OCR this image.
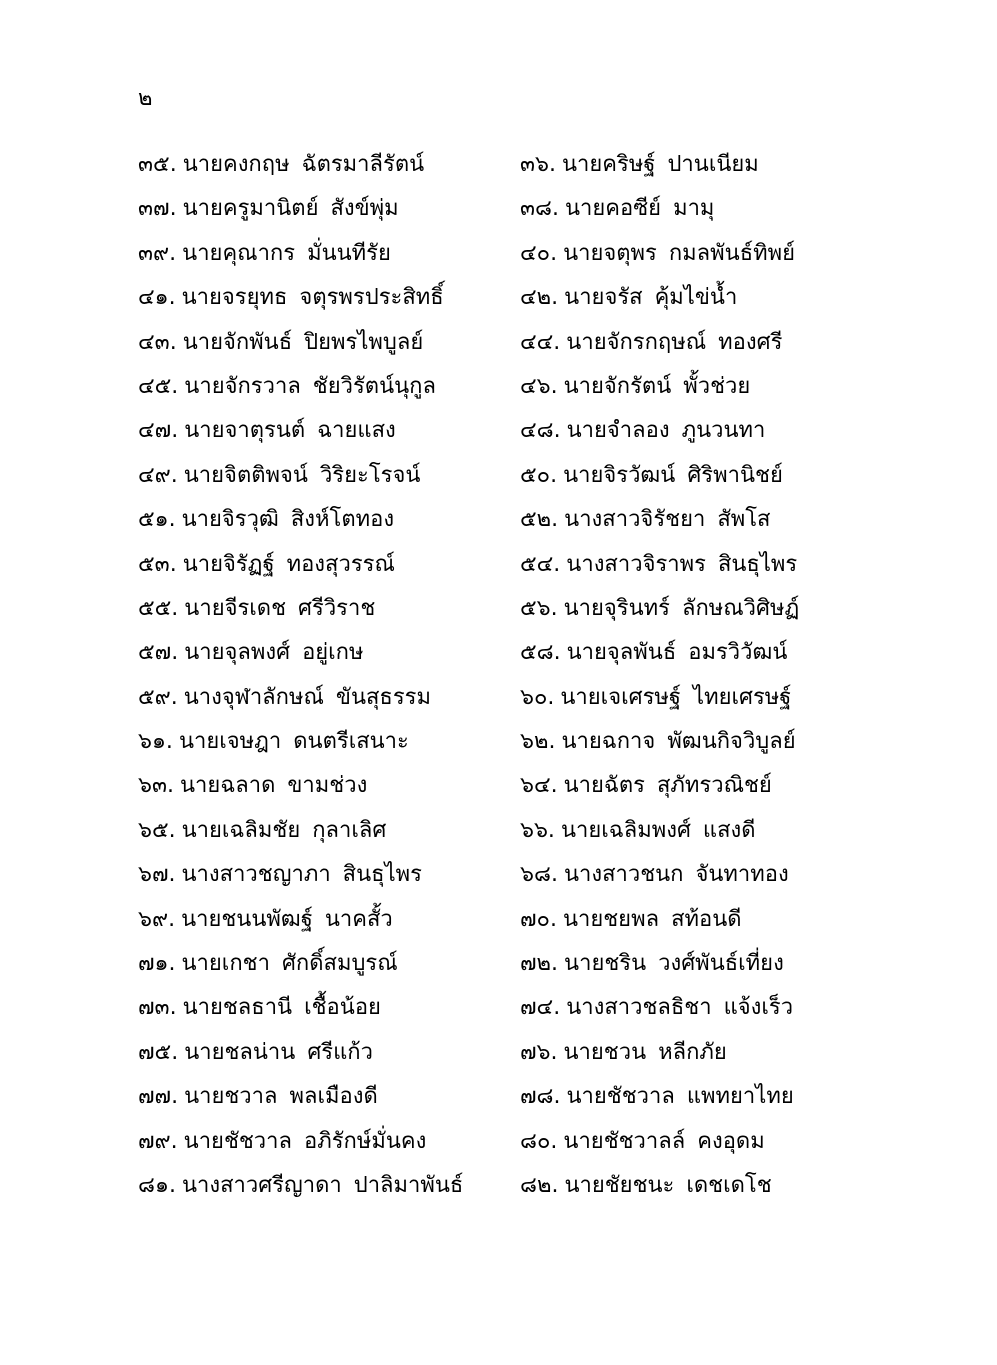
๒
๓๕. นายคงกฤษ ฉัตรมาลีรัตน์	๓๖. นายคริษฐ์ ปานเนียม
๓๗. นายครูมานิตย์ สังข์พุ่ม	๓๘. นายคอซีย์ มามุ
๓๙. นายคุณากร มั่นนทีรัย	๔๐. นายจตุพร กมลพันธ์ทิพย์
๔๑. นายจรยุทธ จตุรพรประสิทธิ์	๔๒. นายจรัส คุ้มไข่น้ำ
๔๓. นายจักพันธ์ ปิยพรไพบูลย์	๔๔. นายจักรกฤษณ์ ทองศรี
๔๕. นายจักรวาล ชัยวิรัตน์นุกูล	๔๖. นายจักรัตน์ พั้วช่วย
๔๗. นายจาตุรนต์ ฉายแสง	๔๘. นายจำลอง ภูนวนทา
๔๙. นายจิตติพจน์ วิริยะโรจน์	๕๐. นายจิรวัฒน์ ศิริพานิชย์
๕๑. นายจิรวุฒิ สิงห์โตทอง	๕๒. นางสาวจิรัชยา สัพโส
๕๓. นายจิรัฏฐ์ ทองสุวรรณ์	๕๔. นางสาวจิราพร สินธุไพร
๕๕. นายจีรเดช ศรีวิราช	๕๖. นายจุรินทร์ ลักษณวิศิษฏ์
๕๗. นายจุลพงศ์ อยู่เกษ	๕๘. นายจุลพันธ์ อมรวิวัฒน์
๕๙. นางจุฬาลักษณ์ ขันสุธรรม	๖๐. นายเจเศรษฐ์ ไทยเศรษฐ์
๖๑. นายเจษฎา ดนตรีเสนาะ	๖๒. นายฉกาจ พัฒนกิจวิบูลย์
๖๓. นายฉลาด ขามช่วง	๖๔. นายฉัตร สุภัทรวณิชย์
๖๕. นายเฉลิมชัย กุลาเลิศ	๖๖. นายเฉลิมพงศ์ แสงดี
๖๗. นางสาวชญาภา สินธุไพร	๖๘. นางสาวชนก จันทาทอง
๖๙. นายชนนพัฒฐ์ นาคสั้ว	๗๐. นายชยพล สท้อนดี
๗๑. นายเกชา ศักดิ์สมบูรณ์	๗๒. นายชริน วงศ์พันธ์เที่ยง
๗๓. นายชลธานี เชื้อน้อย	๗๔. นางสาวชลธิชา แจ้งเร็ว
๗๕. นายชลน่าน ศรีแก้ว	๗๖. นายชวน หลีกภัย
๗๗. นายชวาล พลเมืองดี	๗๘. นายชัชวาล แพทยาไทย
๗๙. นายชัชวาล อภิรักษ์มั่นคง	๘๐. นายชัชวาลล์ คงอุดม
๘๑. นางสาวศรีญาดา ปาลิมาพันธ์	๘๒. นายชัยชนะ เดชเดโช
